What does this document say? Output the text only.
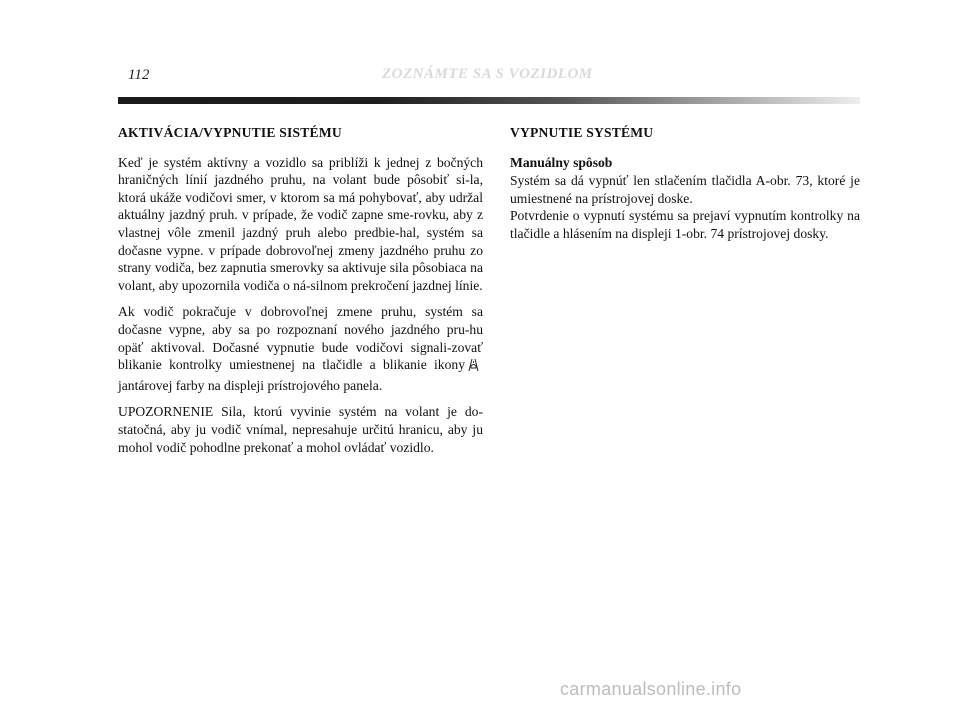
112	ZOZNÁMTE SA S VOZIDLOM
AKTIVÁCIA/VYPNUTIE SISTÉMU

Keď je systém aktívny a vozidlo sa priblíži k jednej z bočných hraničných línií jazdného pruhu, na volant bude pôsobiť si-la, ktorá ukáže vodičovi smer, v ktorom sa má pohybovať, aby udržal aktuálny jazdný pruh. v prípade, že vodič zapne sme-rovku, aby z vlastnej vôle zmenil jazdný pruh alebo predbie-hal, systém sa dočasne vypne. v prípade dobrovoľnej zmeny jazdného pruhu zo strany vodiča, bez zapnutia smerovky sa aktivuje sila pôsobiaca na volant, aby upozornila vodiča o ná-silnom prekročení jazdnej línie.

Ak vodič pokračuje v dobrovoľnej zmene pruhu, systém sa dočasne vypne, aby sa po rozpoznaní nového jazdného pru-hu opäť aktivoval. Dočasné vypnutie bude vodičovi signali-zovať blikanie kontrolky umiestnenej na tlačidle a blikanie ikonyjantárovej farby na displeji prístrojového panela.

UPOZORNENIE Sila, ktorú vyvinie systém na volant je do-statočná, aby ju vodič vnímal, nepresahuje určitú hranicu, aby ju mohol vodič pohodlne prekonať a mohol ovládať vozidlo.

VYPNUTIE SYSTÉMU
Manuálny spôsob

Systém sa dá vypnúť len stlačením tlačidla A-obr. 73, ktoré je umiestnené na prístrojovej doske.

Potvrdenie o vypnutí systému sa prejaví vypnutím kontrolky na tlačidle a hlásením na displeji 1-obr. 74 prístrojovej dosky.

carmanualsonline.info
